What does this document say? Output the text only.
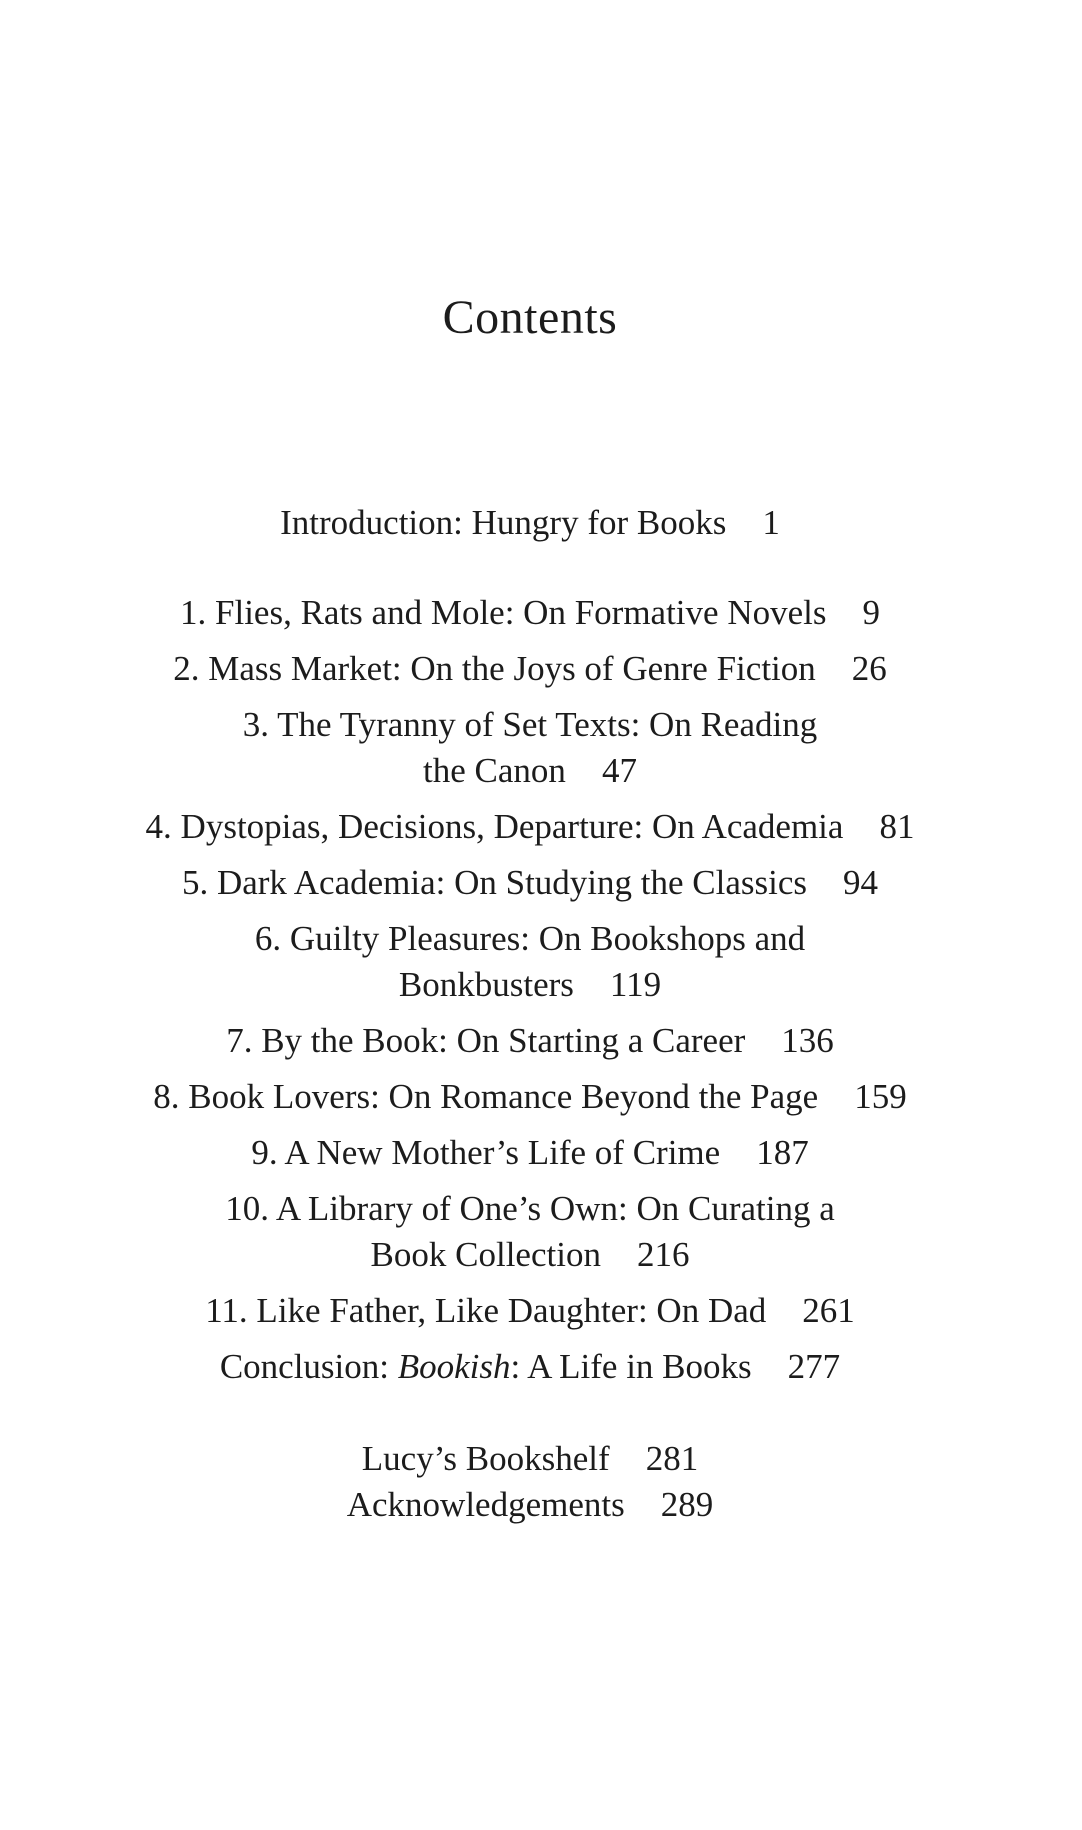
Contents
Introduction: Hungry for Books 1
1. Flies, Rats and Mole: On Formative Novels 9
2. Mass Market: On the Joys of Genre Fiction 26
3. The Tyranny of Set Texts: On Reading
the Canon 47
4. Dystopias, Decisions, Departure: On Academia 81
5. Dark Academia: On Studying the Classics 94
6. Guilty Pleasures: On Bookshops and
Bonkbusters 119
7. By the Book: On Starting a Career 136
8. Book Lovers: On Romance Beyond the Page 159
9. A New Mother’s Life of Crime 187
10. A Library of One’s Own: On Curating a
Book Collection 216
11. Like Father, Like Daughter: On Dad 261
Conclusion: Bookish: A Life in Books 277
Lucy’s Bookshelf 281
Acknowledgements 289
